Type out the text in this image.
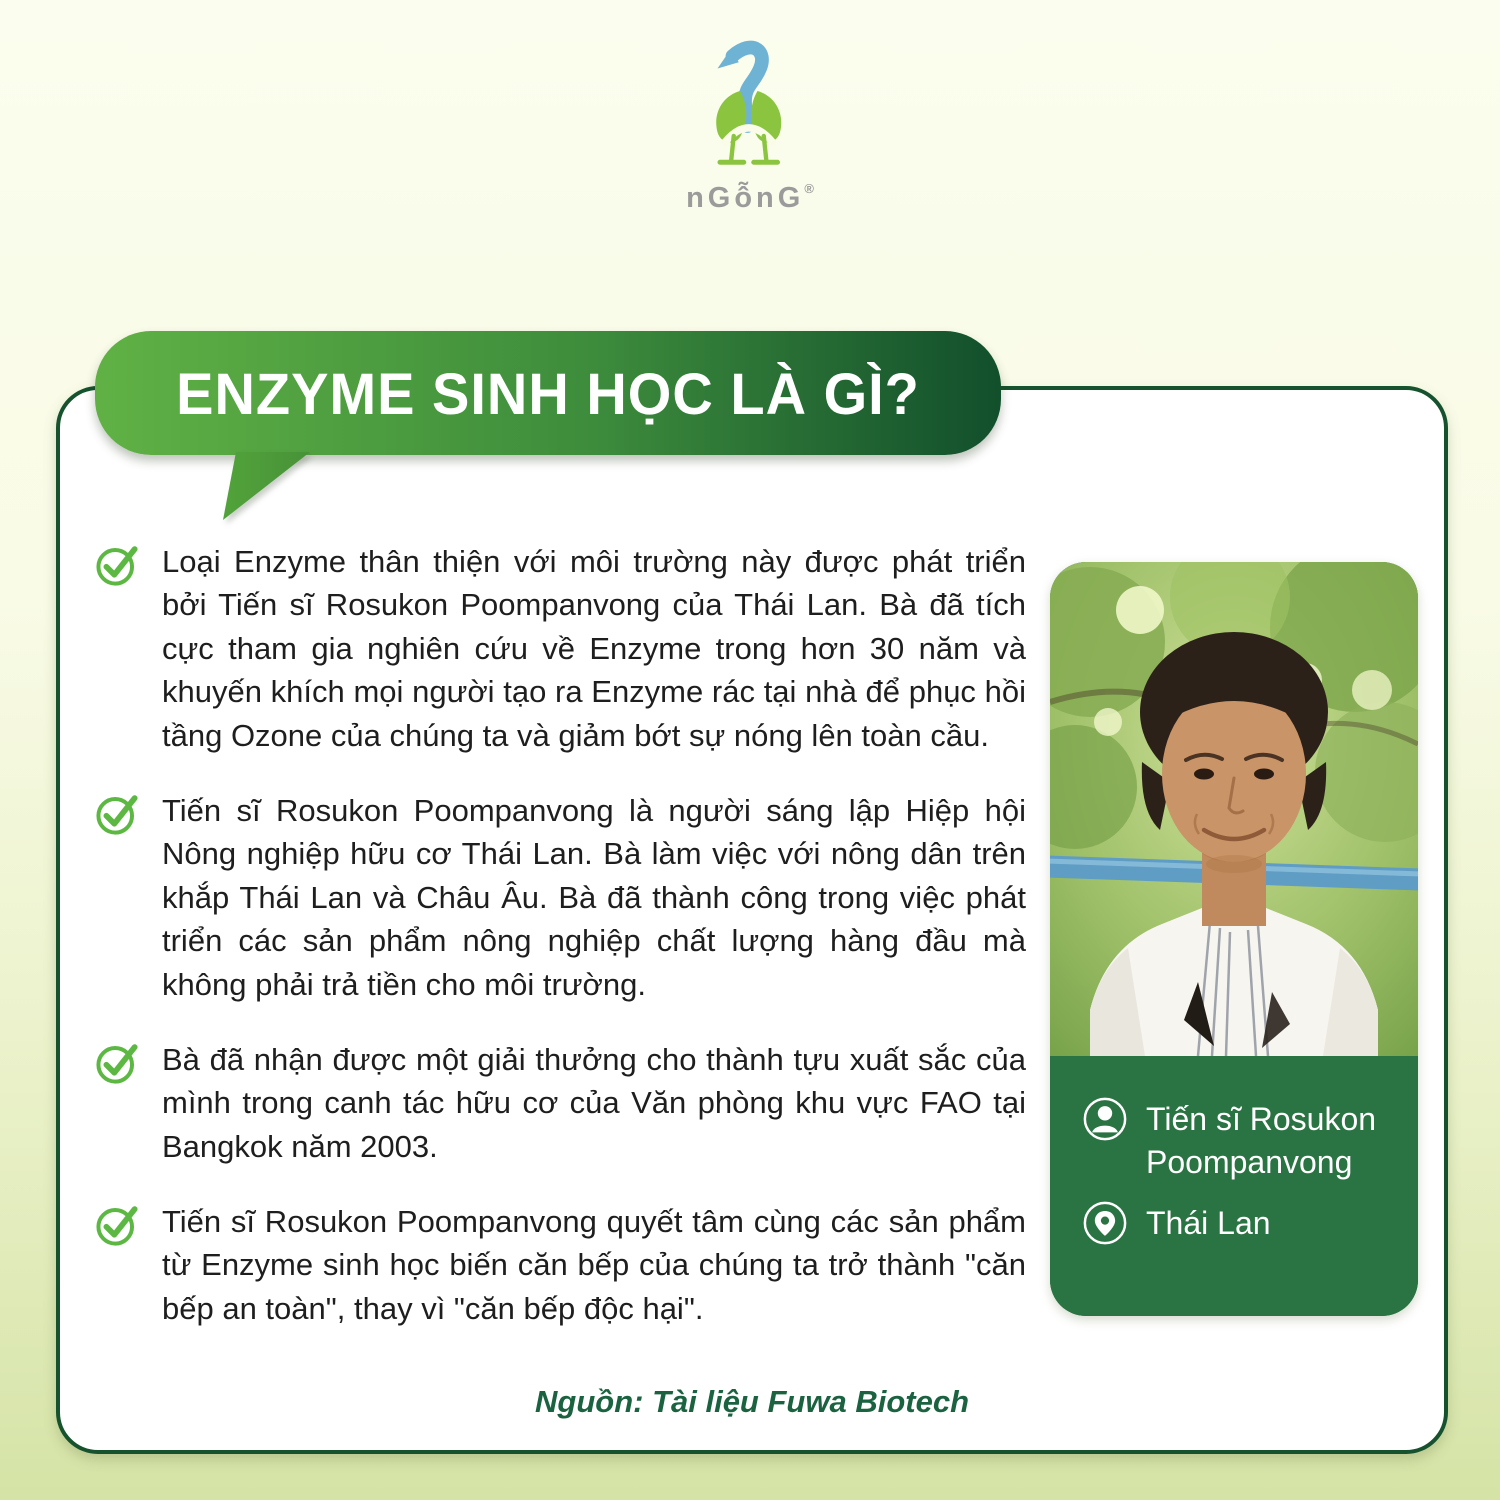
nGỗnG®
ENZYME SINH HỌC LÀ GÌ?

Loại Enzyme thân thiện với môi trường này được phát triển bởi Tiến sĩ Rosukon Poompanvong của Thái Lan. Bà đã tích cực tham gia nghiên cứu về Enzyme trong hơn 30 năm và khuyến khích mọi người tạo ra Enzyme rác tại nhà để phục hồi tầng Ozone của chúng ta và giảm bớt sự nóng lên toàn cầu.

Tiến sĩ Rosukon Poompanvong là người sáng lập Hiệp hội Nông nghiệp hữu cơ Thái Lan. Bà làm việc với nông dân trên khắp Thái Lan và Châu Âu. Bà đã thành công trong việc phát triển các sản phẩm nông nghiệp chất lượng hàng đầu mà không phải trả tiền cho môi trường.

Bà đã nhận được một giải thưởng cho thành tựu xuất sắc của mình trong canh tác hữu cơ của Văn phòng khu vực FAO tại Bangkok năm 2003.

Tiến sĩ Rosukon Poompanvong quyết tâm cùng các sản phẩm từ Enzyme sinh học biến căn bếp của chúng ta trở thành "căn bếp an toàn", thay vì "căn bếp độc hại".

Tiến sĩ Rosukon Poompanvong
Thái Lan
Nguồn: Tài liệu Fuwa Biotech
